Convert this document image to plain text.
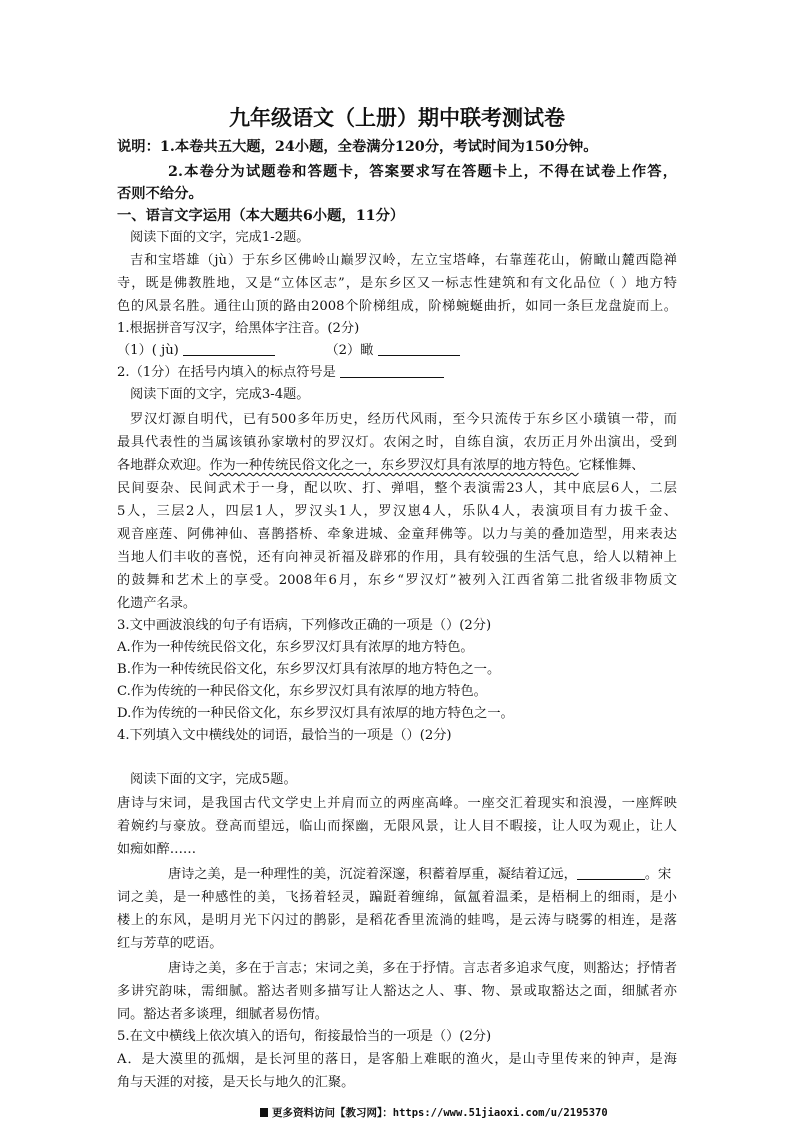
九年级语文（上册）期中联考测试卷
说明：1.本卷共五大题，24小题，全卷满分120分，考试时间为150分钟。
2.本卷分为试题卷和答题卡，答案要求写在答题卡上，不得在试卷上作答，
否则不给分。
一、语言文字运用（本大题共6小题，11分）
阅读下面的文字，完成1-2题。
吉和宝塔雄（jù）于东乡区佛岭山巅罗汉岭，左立宝塔峰，右靠莲花山，俯瞰山麓西隐禅
寺，既是佛教胜地，又是“立体区志”，是东乡区又一标志性建筑和有文化品位（ ）地方特
色的风景名胜。通往山顶的路由2008个阶梯组成，阶梯蜿蜒曲折，如同一条巨龙盘旋而上。
1.根据拼音写汉字，给黑体字注音。(2分)
（1）( jù)	（2）瞰
2.（1分）在括号内填入的标点符号是
阅读下面的文字，完成3-4题。
罗汉灯源自明代，已有500多年历史，经历代风雨，至今只流传于东乡区小璜镇一带，而
最具代表性的当属该镇孙家墩村的罗汉灯。农闲之时，自练自演，农历正月外出演出，受到
各地群众欢迎。作为一种传统民俗文化之一，东乡罗汉灯具有浓厚的地方特色。它糅惟舞、
民间耍杂、民间武术于一身，配以吹、打、弹唱，整个表演需23人，其中底层6人，二层
5人，三层2人，四层1人，罗汉头1人，罗汉崽4人，乐队4人，表演项目有力拔千金、
观音座莲、阿佛神仙、喜鹊搭桥、牵象进城、金童拜佛等。以力与美的叠加造型，用来表达
当地人们丰收的喜悦，还有向神灵祈福及辟邪的作用，具有较强的生活气息，给人以精神上
的鼓舞和艺术上的享受。2008年6月，东乡“罗汉灯”被列入江西省第二批省级非物质文
化遗产名录。
3.文中画波浪线的句子有语病，下列修改正确的一项是（）(2分)
A.作为一种传统民俗文化，东乡罗汉灯具有浓厚的地方特色。
B.作为一种传统民俗文化，东乡罗汉灯具有浓厚的地方特色之一。
C.作为传统的一种民俗文化，东乡罗汉灯具有浓厚的地方特色。
D.作为传统的一种民俗文化，东乡罗汉灯具有浓厚的地方特色之一。
4.下列填入文中横线处的词语，最恰当的一项是（）(2分)
阅读下面的文字，完成5题。
唐诗与宋词，是我国古代文学史上并肩而立的两座高峰。一座交汇着现实和浪漫，一座辉映
着婉约与豪放。登高而望远，临山而探幽，无限风景，让人目不暇接，让人叹为观止，让人
如痴如醉……
唐诗之美，是一种理性的美，沉淀着深邃，积蓄着厚重，凝结着辽远，	。宋
词之美，是一种感性的美，飞扬着轻灵，蹁跹着缠绵，氤氲着温柔，是梧桐上的细雨，是小
楼上的东风，是明月光下闪过的鹊影，是稻花香里流淌的蛙鸣，是云涛与晓雾的相连，是落
红与芳草的呓语。
唐诗之美，多在于言志；宋词之美，多在于抒情。言志者多追求气度，则豁达；抒情者
多讲究韵味，需细腻。豁达者则多描写让人豁达之人、事、物、景或取豁达之面，细腻者亦
同。豁达者多谈理，细腻者易伤情。
5.在文中横线上依次填入的语句，衔接最恰当的一项是（）(2分)
A．是大漠里的孤烟，是长河里的落日，是客船上难眠的渔火，是山寺里传来的钟声，是海
角与天涯的对接，是天长与地久的汇聚。
更多资料访问【教习网】：https://www.51jiaoxi.com/u/2195370
